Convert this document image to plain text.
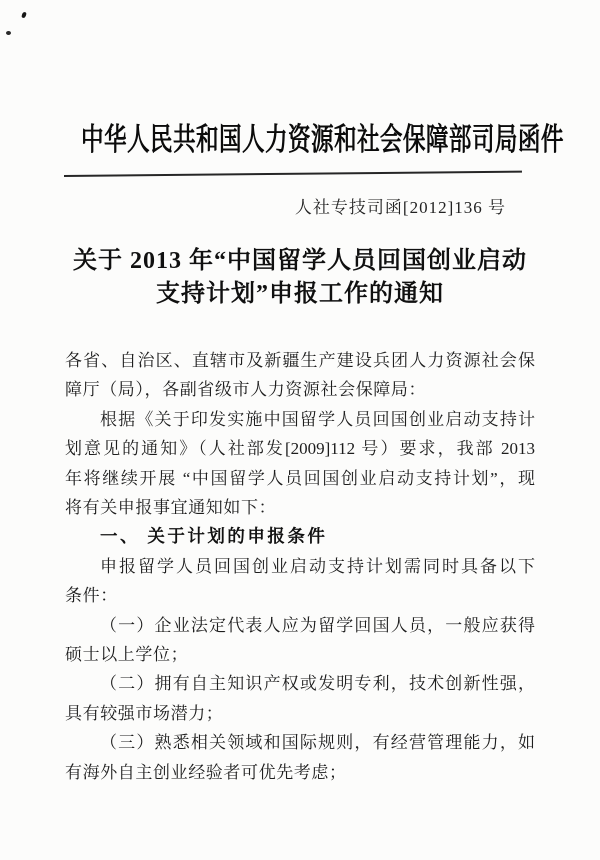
中华人民共和国人力资源和社会保障部司局函件
人社专技司函[2012]136 号
关于 2013 年“中国留学人员回国创业启动
支持计划”申报工作的通知
各省、自治区、直辖市及新疆生产建设兵团人力资源社会保
障厅（局），各副省级市人力资源社会保障局：
根据《关于印发实施中国留学人员回国创业启动支持计
划意见的通知》（人社部发[2009]112 号）要求，我部 2013
年将继续开展 “中国留学人员回国创业启动支持计划”，现
将有关申报事宜通知如下：
一、 关于计划的申报条件
申报留学人员回国创业启动支持计划需同时具备以下
条件：
（一）企业法定代表人应为留学回国人员，一般应获得
硕士以上学位；
（二）拥有自主知识产权或发明专利，技术创新性强，
具有较强市场潜力；
（三）熟悉相关领域和国际规则，有经营管理能力，如
有海外自主创业经验者可优先考虑；
